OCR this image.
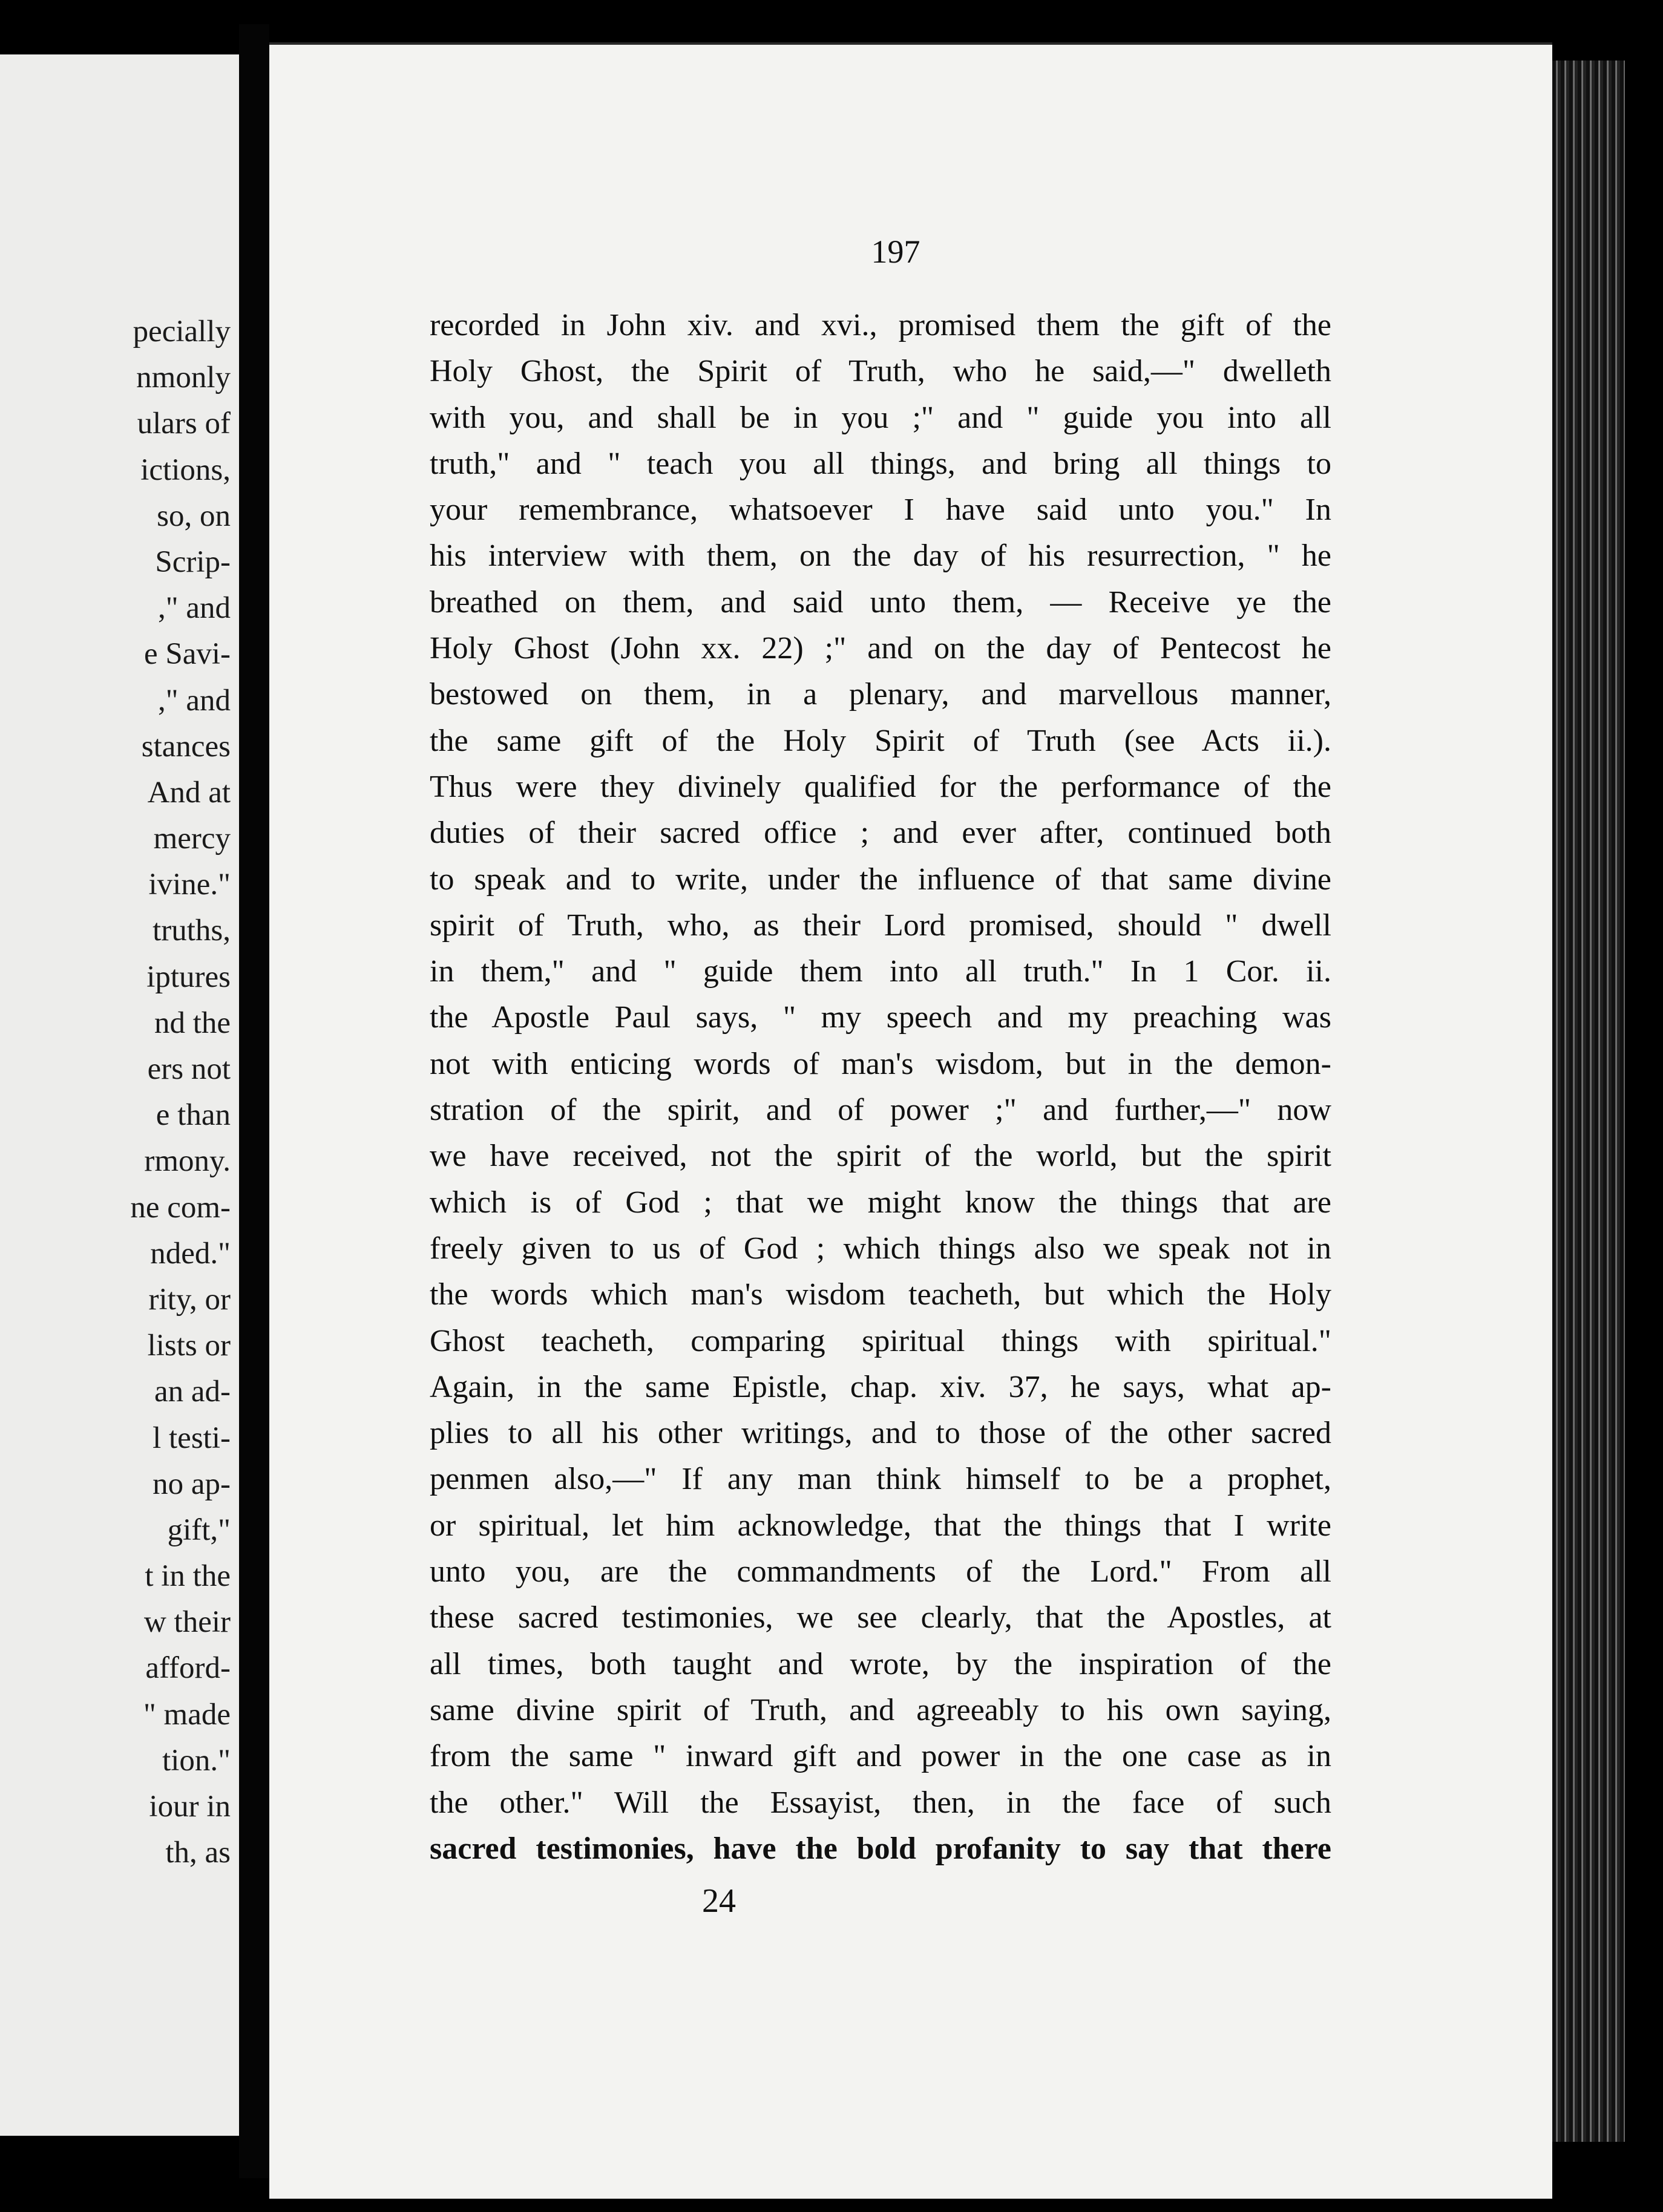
pecially
nmonly
ulars of
ictions,
so, on
Scrip-
," and
e Savi-
," and
stances
And at
mercy
ivine."
truths,
iptures
nd the
ers not
e than
rmony.
ne com-
nded."
rity, or
lists or
an ad-
l testi-
no ap-
gift,"
t in the
w their
afford-
" made
tion."
iour in
th, as
197
recorded in John xiv. and xvi., promised them the gift of the
Holy Ghost, the Spirit of Truth, who he said,—" dwelleth
with you, and shall be in you ;" and " guide you into all
truth," and " teach you all things, and bring all things to
your remembrance, whatsoever I have said unto you." In
his interview with them, on the day of his resurrection, " he
breathed on them, and said unto them, — Receive ye the
Holy Ghost (John xx. 22) ;" and on the day of Pentecost he
bestowed on them, in a plenary, and marvellous manner,
the same gift of the Holy Spirit of Truth (see Acts ii.).
Thus were they divinely qualified for the performance of the
duties of their sacred office ; and ever after, continued both
to speak and to write, under the influence of that same divine
spirit of Truth, who, as their Lord promised, should " dwell
in them," and " guide them into all truth." In 1 Cor. ii.
the Apostle Paul says, " my speech and my preaching was
not with enticing words of man's wisdom, but in the demon-
stration of the spirit, and of power ;" and further,—" now
we have received, not the spirit of the world, but the spirit
which is of God ; that we might know the things that are
freely given to us of God ; which things also we speak not in
the words which man's wisdom teacheth, but which the Holy
Ghost teacheth, comparing spiritual things with spiritual."
Again, in the same Epistle, chap. xiv. 37, he says, what ap-
plies to all his other writings, and to those of the other sacred
penmen also,—" If any man think himself to be a prophet,
or spiritual, let him acknowledge, that the things that I write
unto you, are the commandments of the Lord." From all
these sacred testimonies, we see clearly, that the Apostles, at
all times, both taught and wrote, by the inspiration of the
same divine spirit of Truth, and agreeably to his own saying,
from the same " inward gift and power in the one case as in
the other." Will the Essayist, then, in the face of such
sacred testimonies, have the bold profanity to say that there
24
